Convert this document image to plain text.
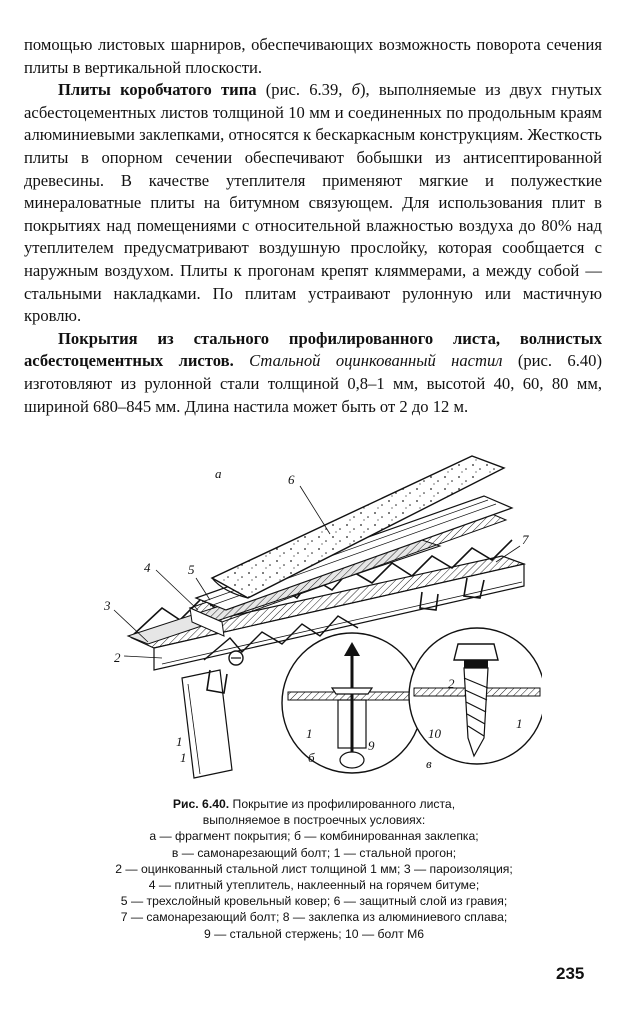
помощью листовых шарниров, обеспечивающих возможность поворота сечения плиты в вертикальной плоскости.

Плиты коробчатого типа (рис. 6.39, б), выполняемые из двух гнутых асбестоцементных листов толщиной 10 мм и соединенных по продольным краям алюминиевыми заклепками, относятся к бескаркасным конструкциям. Жесткость плиты в опорном сечении обеспечивают бобышки из антисептированной древесины. В качестве утеплителя применяют мягкие и полужесткие минераловатные плиты на битумном связующем. Для использования плит в покрытиях над помещениями с относительной влажностью воздуха до 80% над утеплителем предусматривают воздушную прослойку, которая сообщается с наружным воздухом. Плиты к прогонам крепят кляммерами, а между собой — стальными накладками. По плитам устраивают рулонную или мастичную кровлю.

Покрытия из стального профилированного листа, волнистых асбестоцементных листов. Стальной оцинкованный настил (рис. 6.40) изготовляют из рулонной стали толщиной 0,8–1 мм, высотой 40, 60, 80 мм, шириной 680–845 мм. Длина настила может быть от 2 до 12 м.

а	6
7
5
4
3
2
1
1
2
1
9
б
10
1
в
Рис. 6.40. Покрытие из профилированного листа,
выполняемое в построечных условиях:
а — фрагмент покрытия; б — комбинированная заклепка;
в — самонарезающий болт; 1 — стальной прогон;
2 — оцинкованный стальной лист толщиной 1 мм; 3 — пароизоляция;
4 — плитный утеплитель, наклеенный на горячем битуме;
5 — трехслойный кровельный ковер; 6 — защитный слой из гравия;
7 — самонарезающий болт; 8 — заклепка из алюминиевого сплава;
9 — стальной стержень; 10 — болт М6
235
